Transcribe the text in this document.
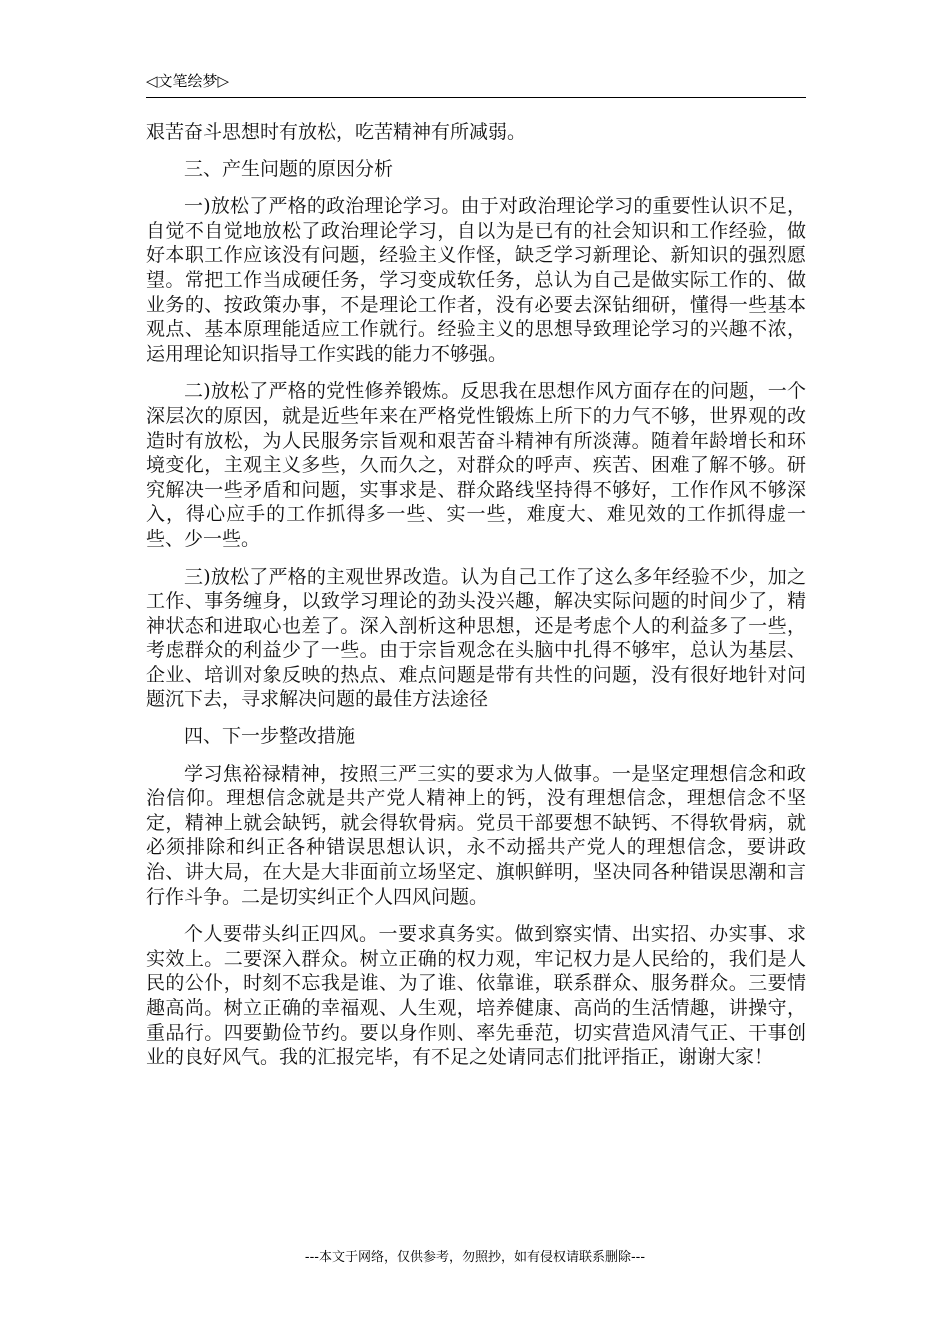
◁文笔绘梦▷

艰苦奋斗思想时有放松，吃苦精神有所减弱。

三、产生问题的原因分析

一)放松了严格的政治理论学习。由于对政治理论学习的重要性认识不足，自觉不自觉地放松了政治理论学习，自以为是已有的社会知识和工作经验，做好本职工作应该没有问题，经验主义作怪，缺乏学习新理论、新知识的强烈愿望。常把工作当成硬任务，学习变成软任务，总认为自己是做实际工作的、做业务的、按政策办事，不是理论工作者，没有必要去深钻细研，懂得一些基本观点、基本原理能适应工作就行。经验主义的思想导致理论学习的兴趣不浓，运用理论知识指导工作实践的能力不够强。

二)放松了严格的党性修养锻炼。反思我在思想作风方面存在的问题，一个深层次的原因，就是近些年来在严格党性锻炼上所下的力气不够，世界观的改造时有放松，为人民服务宗旨观和艰苦奋斗精神有所淡薄。随着年龄增长和环境变化，主观主义多些，久而久之，对群众的呼声、疾苦、困难了解不够。研究解决一些矛盾和问题，实事求是、群众路线坚持得不够好，工作作风不够深入，得心应手的工作抓得多一些、实一些，难度大、难见效的工作抓得虚一些、少一些。

三)放松了严格的主观世界改造。认为自己工作了这么多年经验不少，加之工作、事务缠身，以致学习理论的劲头没兴趣，解决实际问题的时间少了，精神状态和进取心也差了。深入剖析这种思想，还是考虑个人的利益多了一些，考虑群众的利益少了一些。由于宗旨观念在头脑中扎得不够牢，总认为基层、企业、培训对象反映的热点、难点问题是带有共性的问题，没有很好地针对问题沉下去，寻求解决问题的最佳方法途径

四、下一步整改措施

学习焦裕禄精神，按照三严三实的要求为人做事。一是坚定理想信念和政治信仰。理想信念就是共产党人精神上的钙，没有理想信念，理想信念不坚定，精神上就会缺钙，就会得软骨病。党员干部要想不缺钙、不得软骨病，就必须排除和纠正各种错误思想认识，永不动摇共产党人的理想信念，要讲政治、讲大局，在大是大非面前立场坚定、旗帜鲜明，坚决同各种错误思潮和言行作斗争。二是切实纠正个人四风问题。

个人要带头纠正四风。一要求真务实。做到察实情、出实招、办实事、求实效上。二要深入群众。树立正确的权力观，牢记权力是人民给的，我们是人民的公仆，时刻不忘我是谁、为了谁、依靠谁，联系群众、服务群众。三要情趣高尚。树立正确的幸福观、人生观，培养健康、高尚的生活情趣，讲操守，重品行。四要勤俭节约。要以身作则、率先垂范，切实营造风清气正、干事创业的良好风气。我的汇报完毕，有不足之处请同志们批评指正，谢谢大家！

---本文于网络，仅供参考，勿照抄，如有侵权请联系删除---
